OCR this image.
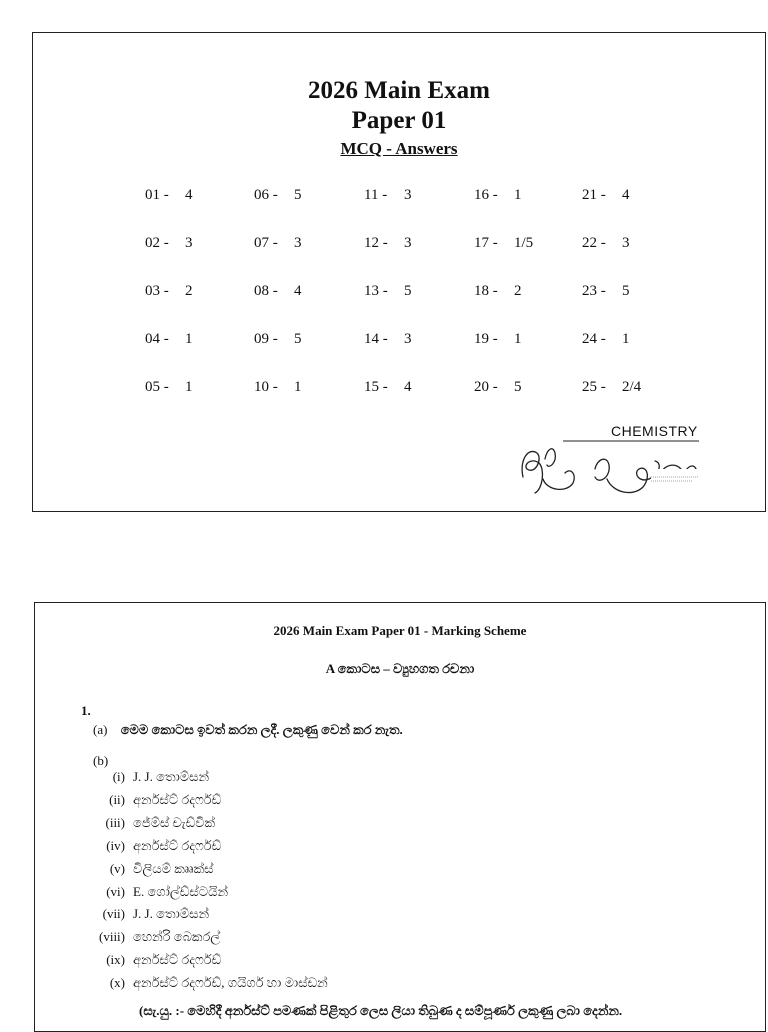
2026 Main Exam
Paper 01
MCQ - Answers
01 - 4
02 - 3
03 - 2
04 - 1
05 - 1
06 - 5
07 - 3
08 - 4
09 - 5
10 - 1
11 - 3
12 - 3
13 - 5
14 - 3
15 - 4
16 - 1
17 - 1/5
18 - 2
19 - 1
20 - 5
21 - 4
22 - 3
23 - 5
24 - 1
25 - 2/4
CHEMISTRY
2026 Main Exam Paper 01 - Marking Scheme
A කොටස – ව්‍යුහගත රචනා
1.
(a) මෙම කොටස ඉවත් කරන ලදී. ලකුණු වෙන් කර නැත.
(b)
(i) J. J. තොම්සන්
(ii) අර්නස්ට් රදර්ෆඩ්
(iii) ජේම්ස් චැඩ්වික්
(iv) අර්නස්ට් රදර්ෆඩ්
(v) විලියම් කෲක්ස්
(vi) E. ගෝල්ඩ්ස්ටයින්
(vii) J. J. තොම්සන්
(viii) හෙන්රි බෙකරල්
(ix) අර්නස්ට් රදර්ෆඩ්
(x) අර්නස්ට් රදර්ෆඩ්, ගයිගර් හා මාස්ඩන්
(සැ.යු. :- මෙහිදී අර්නස්ට් පමණක් පිළිතුර ලෙස ලියා තිබුණ ද සම්පූර්ණ ලකුණු ලබා දෙන්න.
